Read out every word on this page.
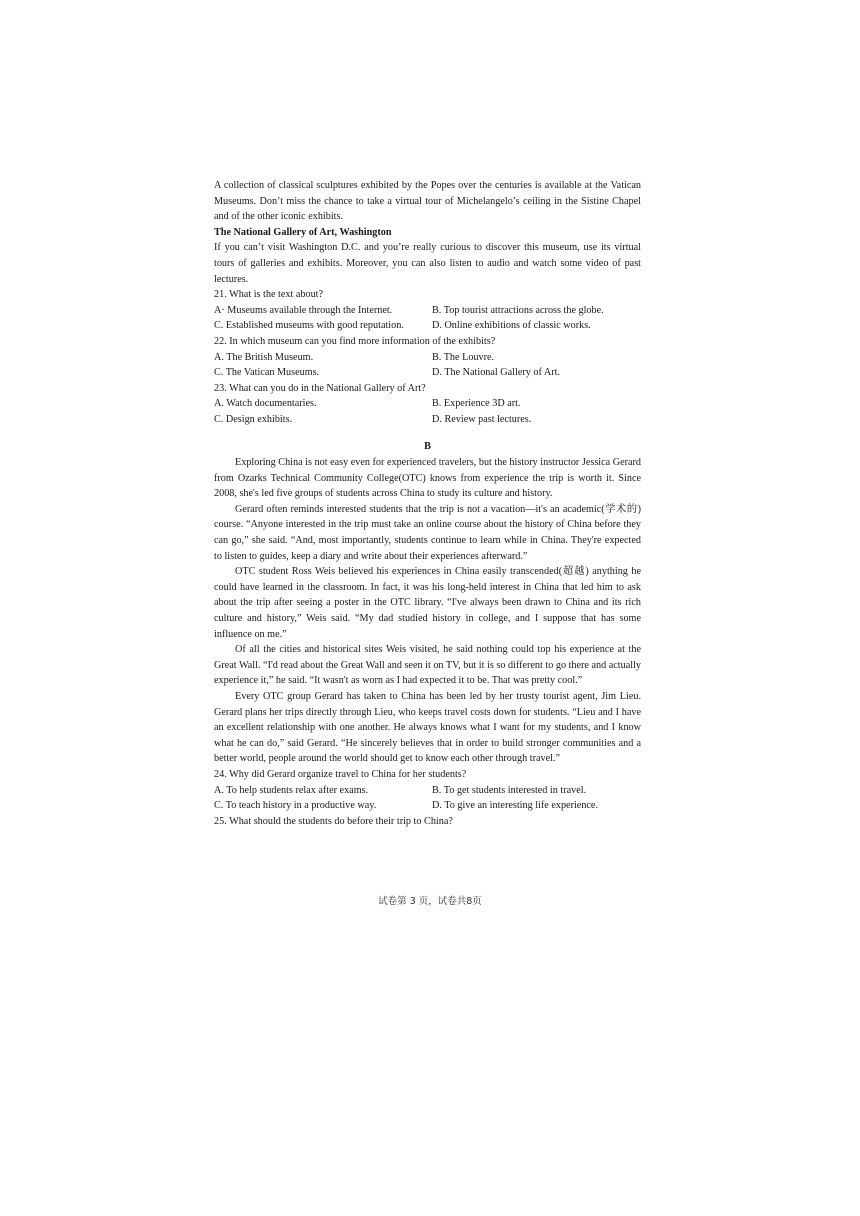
A collection of classical sculptures exhibited by the Popes over the centuries is available at the Vatican Museums. Don’t miss the chance to take a virtual tour of Michelangelo’s ceiling in the Sistine Chapel and of the other iconic exhibits.

The National Gallery of Art, Washington

If you can’t visit Washington D.C. and you’re really curious to discover this museum, use its virtual tours of galleries and exhibits. Moreover, you can also listen to audio and watch some video of past lectures.

21. What is the text about?

A· Museums available through the Internet.	B. Top tourist attractions across the globe.
C. Established museums with good reputation.	D. Online exhibitions of classic works.

22. In which museum can you find more information of the exhibits?

A. The British Museum.	B. The Louvre.
C. The Vatican Museums.	D. The National Gallery of Art.

23. What can you do in the National Gallery of Art?

A. Watch documentaries.	B. Experience 3D art.
C. Design exhibits.	D. Review past lectures.

B

Exploring China is not easy even for experienced travelers, but the history instructor Jessica Gerard from Ozarks Technical Community College(OTC) knows from experience the trip is worth it. Since 2008, she's led five groups of students across China to study its culture and history.

Gerard often reminds interested students that the trip is not a vacation—it's an academic(学术的) course. “Anyone interested in the trip must take an online course about the history of China before they can go,” she said. “And, most importantly, students continue to learn while in China. They're expected to listen to guides, keep a diary and write about their experiences afterward.”

OTC student Ross Weis believed his experiences in China easily transcended(超越) anything he could have learned in the classroom. In fact, it was his long-held interest in China that led him to ask about the trip after seeing a poster in the OTC library. “I've always been drawn to China and its rich culture and history,” Weis said. “My dad studied history in college, and I suppose that has some influence on me.”

Of all the cities and historical sites Weis visited, he said nothing could top his experience at the Great Wall. “I'd read about the Great Wall and seen it on TV, but it is so different to go there and actually experience it,” he said. “It wasn't as worn as I had expected it to be. That was pretty cool.”

Every OTC group Gerard has taken to China has been led by her trusty tourist agent, Jim Lieu. Gerard plans her trips directly through Lieu, who keeps travel costs down for students. “Lieu and I have an excellent relationship with one another. He always knows what I want for my students, and I know what he can do,” said Gerard. “He sincerely believes that in order to build stronger communities and a better world, people around the world should get to know each other through travel.”

24. Why did Gerard organize travel to China for her students?

A. To help students relax after exams.	B. To get students interested in travel.
C. To teach history in a productive way.	D. To give an interesting life experience.

25. What should the students do before their trip to China?

试卷第 3 页，试卷共8页
